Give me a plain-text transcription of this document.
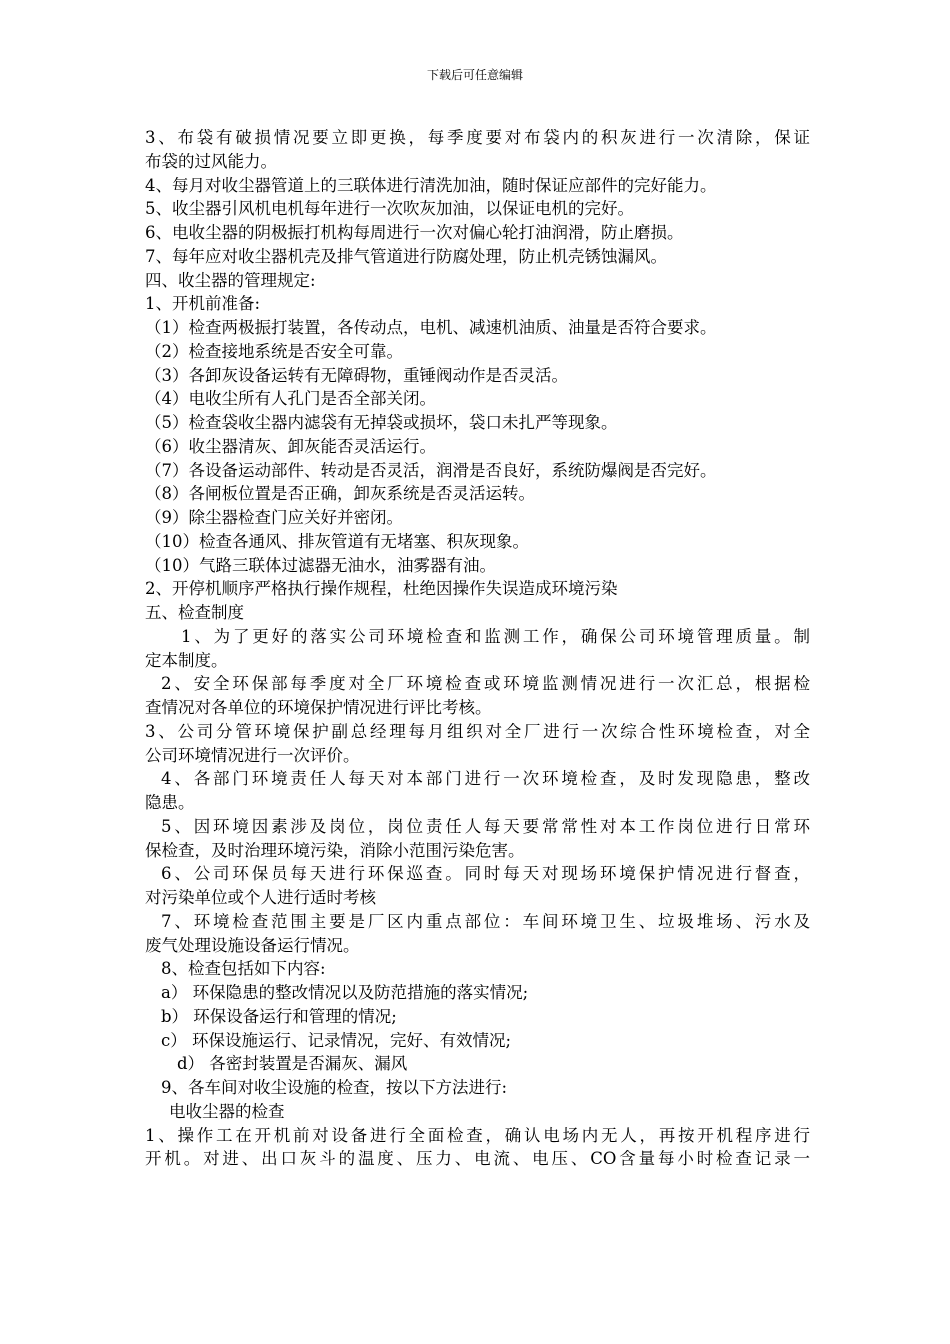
下载后可任意编辑
3、布袋有破损情况要立即更换，每季度要对布袋内的积灰进行一次清除，保证
布袋的过风能力。
4、每月对收尘器管道上的三联体进行清洗加油，随时保证应部件的完好能力。
5、收尘器引风机电机每年进行一次吹灰加油，以保证电机的完好。
6、电收尘器的阴极振打机构每周进行一次对偏心轮打油润滑，防止磨损。
7、每年应对收尘器机壳及排气管道进行防腐处理，防止机壳锈蚀漏风。
四、收尘器的管理规定:
1、开机前准备:
（1）检查两极振打装置，各传动点，电机、减速机油质、油量是否符合要求。
（2）检查接地系统是否安全可靠。
（3）各卸灰设备运转有无障碍物，重锤阀动作是否灵活。
（4）电收尘所有人孔门是否全部关闭。
（5）检查袋收尘器内滤袋有无掉袋或损坏，袋口未扎严等现象。
（6）收尘器清灰、卸灰能否灵活运行。
（7）各设备运动部件、转动是否灵活，润滑是否良好，系统防爆阀是否完好。
（8）各闸板位置是否正确，卸灰系统是否灵活运转。
（9）除尘器检查门应关好并密闭。
（10）检查各通风、排灰管道有无堵塞、积灰现象。
（10）气路三联体过滤器无油水，油雾器有油。
2、开停机顺序严格执行操作规程，杜绝因操作失误造成环境污染
五、检查制度
1、为了更好的落实公司环境检查和监测工作，确保公司环境管理质量。制
定本制度。
2、安全环保部每季度对全厂环境检查或环境监测情况进行一次汇总，根据检
查情况对各单位的环境保护情况进行评比考核。
3、公司分管环境保护副总经理每月组织对全厂进行一次综合性环境检查，对全
公司环境情况进行一次评价。
4、各部门环境责任人每天对本部门进行一次环境检查，及时发现隐患，整改
隐患。
5、因环境因素涉及岗位，岗位责任人每天要常常性对本工作岗位进行日常环
保检查，及时治理环境污染，消除小范围污染危害。
6、公司环保员每天进行环保巡查。同时每天对现场环境保护情况进行督查，
对污染单位或个人进行适时考核
7、环境检查范围主要是厂区内重点部位：车间环境卫生、垃圾堆场、污水及
废气处理设施设备运行情况。
8、检查包括如下内容:
a） 环保隐患的整改情况以及防范措施的落实情况;
b） 环保设备运行和管理的情况;
c） 环保设施运行、记录情况，完好、有效情况;
d） 各密封装置是否漏灰、漏风
9、各车间对收尘设施的检查，按以下方法进行:
电收尘器的检查
1、操作工在开机前对设备进行全面检查，确认电场内无人，再按开机程序进行
开机。对进、出口灰斗的温度、压力、电流、电压、CO含量每小时检查记录一
